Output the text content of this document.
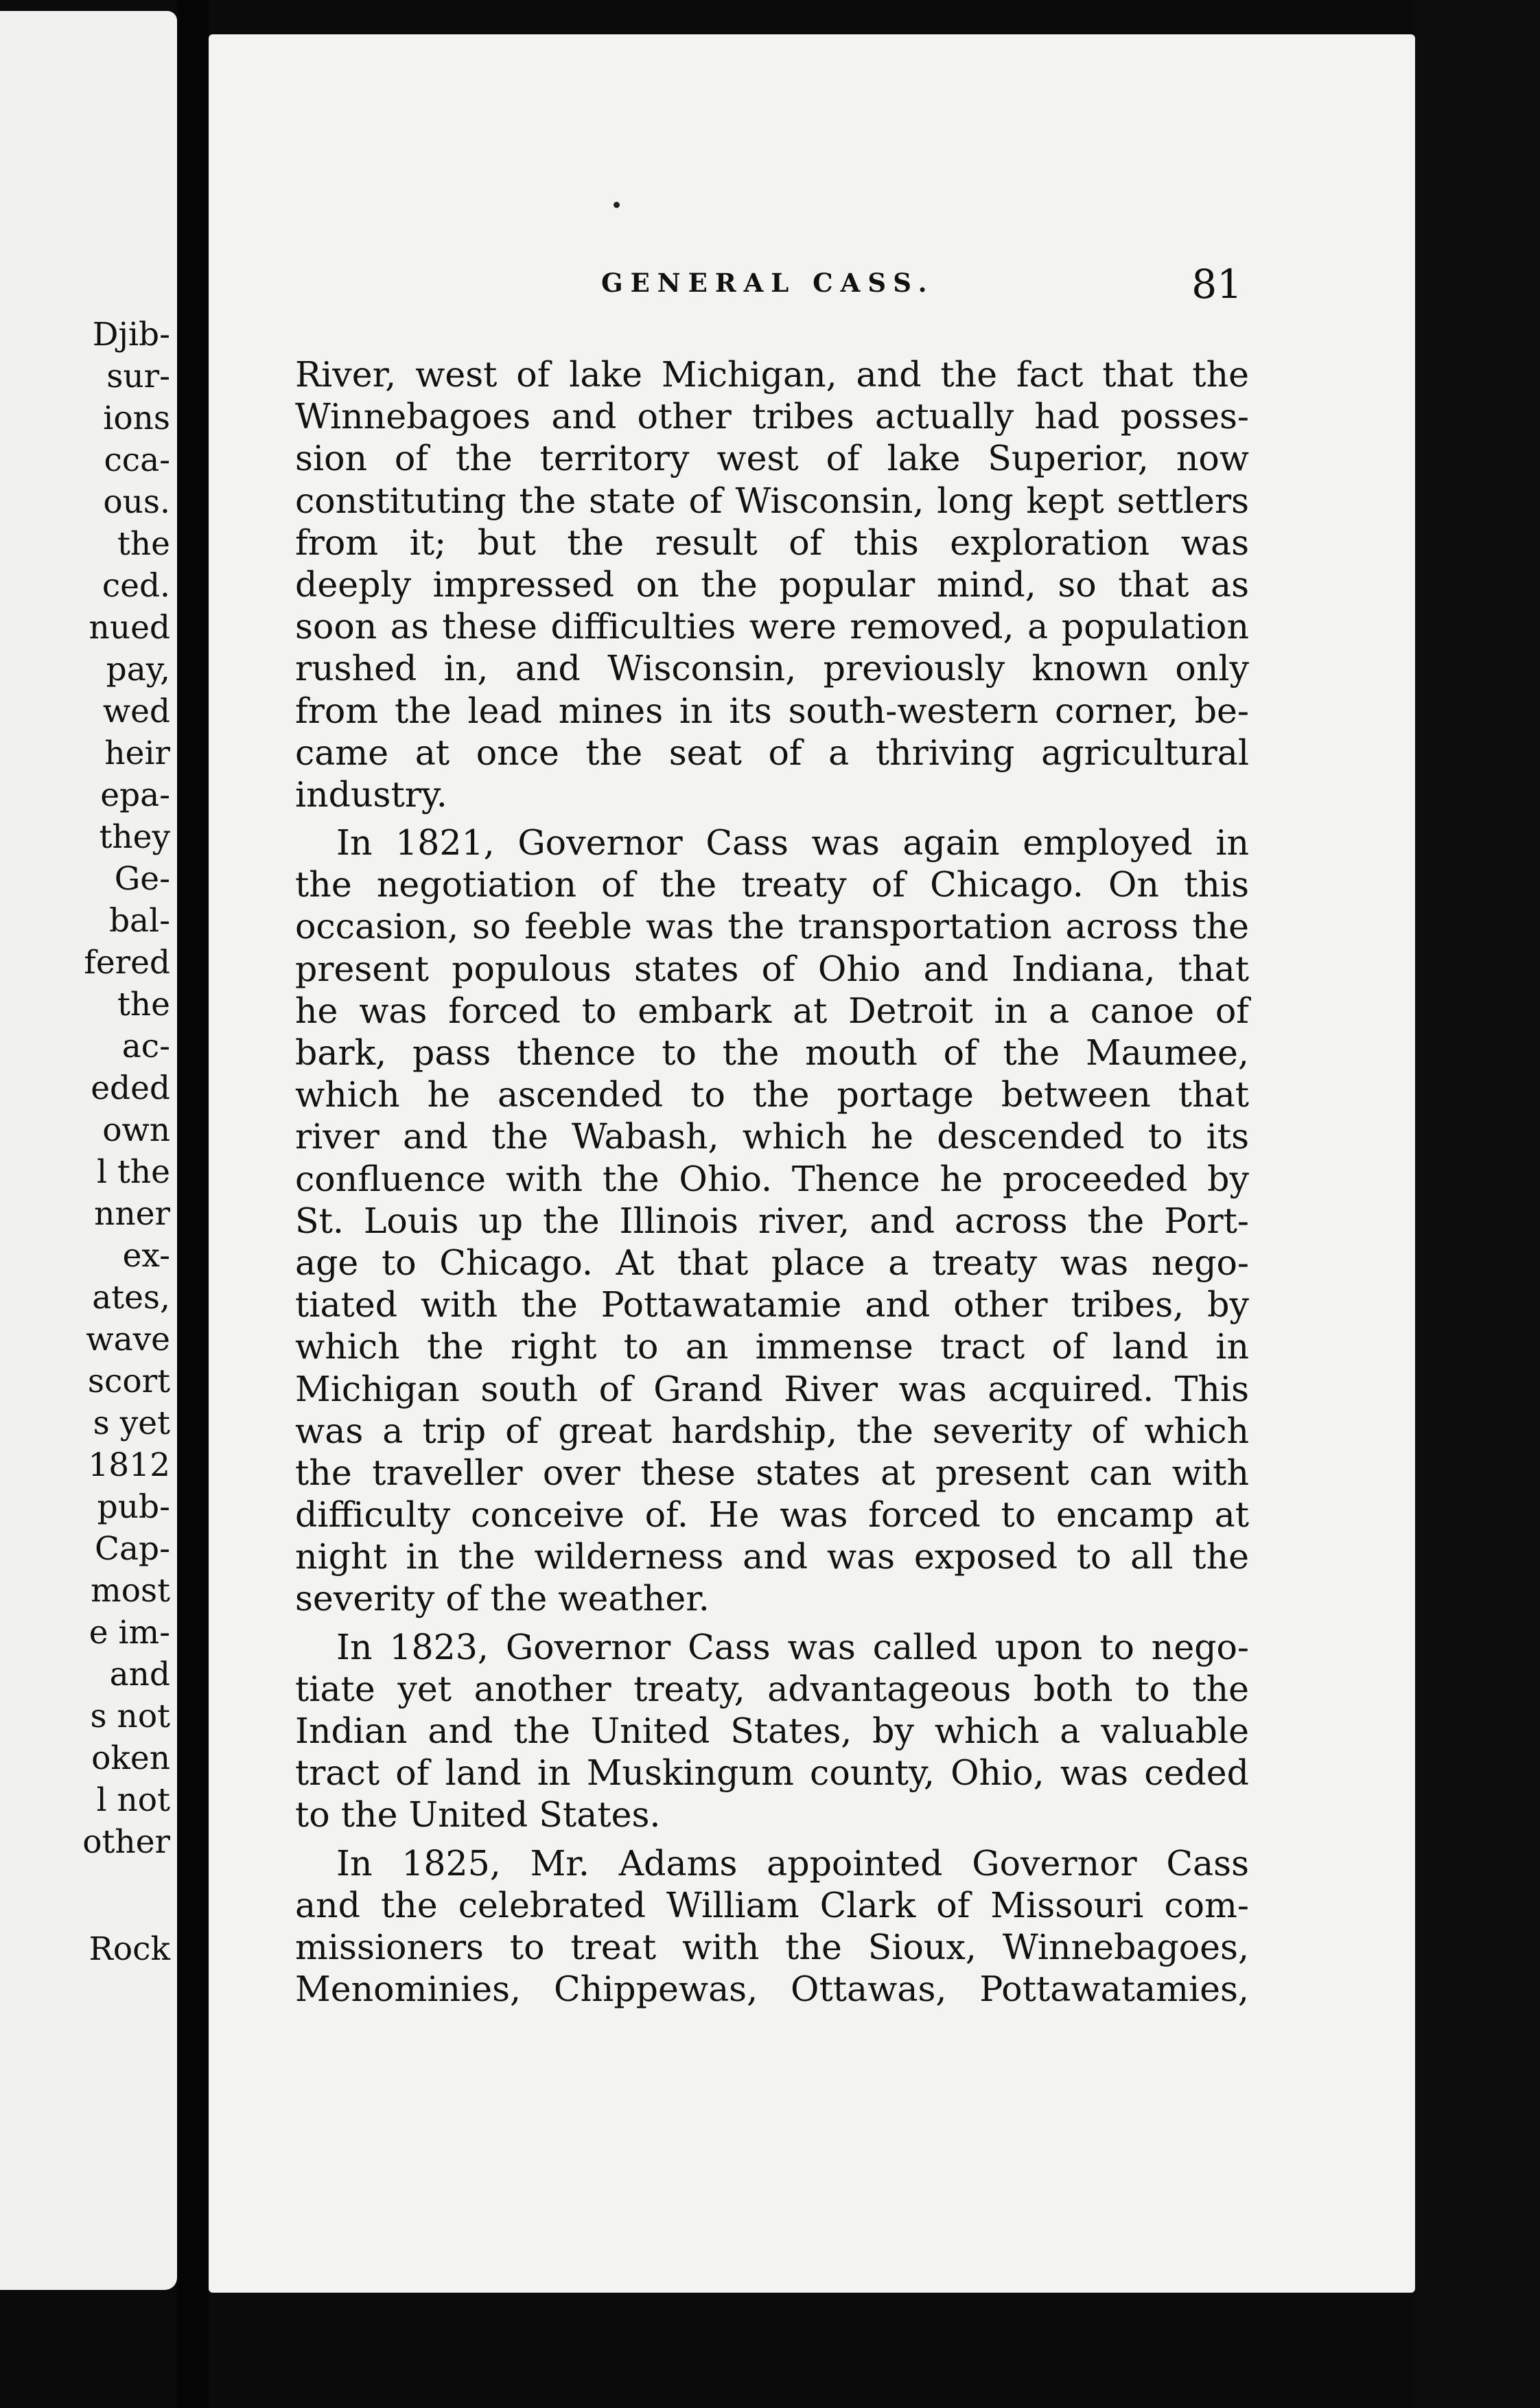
Djib-

sur-

ions

cca-

ous.

the

ced.

nued

pay,

wed

heir

epa-

they

Ge-

bal-

fered

the

ac-

eded

own

l the

nner

ex-

ates,

wave

scort

s yet

1812

pub-

Cap-

most

e im-

and

s not

oken

l not

other

Rock

GENERAL CASS.	81

River, west of lake Michigan, and the fact that the

Winnebagoes and other tribes actually had posses-

sion of the territory west of lake Superior, now

constituting the state of Wisconsin, long kept settlers

from it; but the result of this exploration was

deeply impressed on the popular mind, so that as

soon as these difficulties were removed, a population

rushed in, and Wisconsin, previously known only

from the lead mines in its south-western corner, be-

came at once the seat of a thriving agricultural

industry.

In 1821, Governor Cass was again employed in

the negotiation of the treaty of Chicago. On this

occasion, so feeble was the transportation across the

present populous states of Ohio and Indiana, that

he was forced to embark at Detroit in a canoe of

bark, pass thence to the mouth of the Maumee,

which he ascended to the portage between that

river and the Wabash, which he descended to its

confluence with the Ohio. Thence he proceeded by

St. Louis up the Illinois river, and across the Port-

age to Chicago. At that place a treaty was nego-

tiated with the Pottawatamie and other tribes, by

which the right to an immense tract of land in

Michigan south of Grand River was acquired. This

was a trip of great hardship, the severity of which

the traveller over these states at present can with

difficulty conceive of. He was forced to encamp at

night in the wilderness and was exposed to all the

severity of the weather.

In 1823, Governor Cass was called upon to nego-

tiate yet another treaty, advantageous both to the

Indian and the United States, by which a valuable

tract of land in Muskingum county, Ohio, was ceded

to the United States.

In 1825, Mr. Adams appointed Governor Cass

and the celebrated William Clark of Missouri com-

missioners to treat with the Sioux, Winnebagoes,

Menominies, Chippewas, Ottawas, Pottawatamies,
